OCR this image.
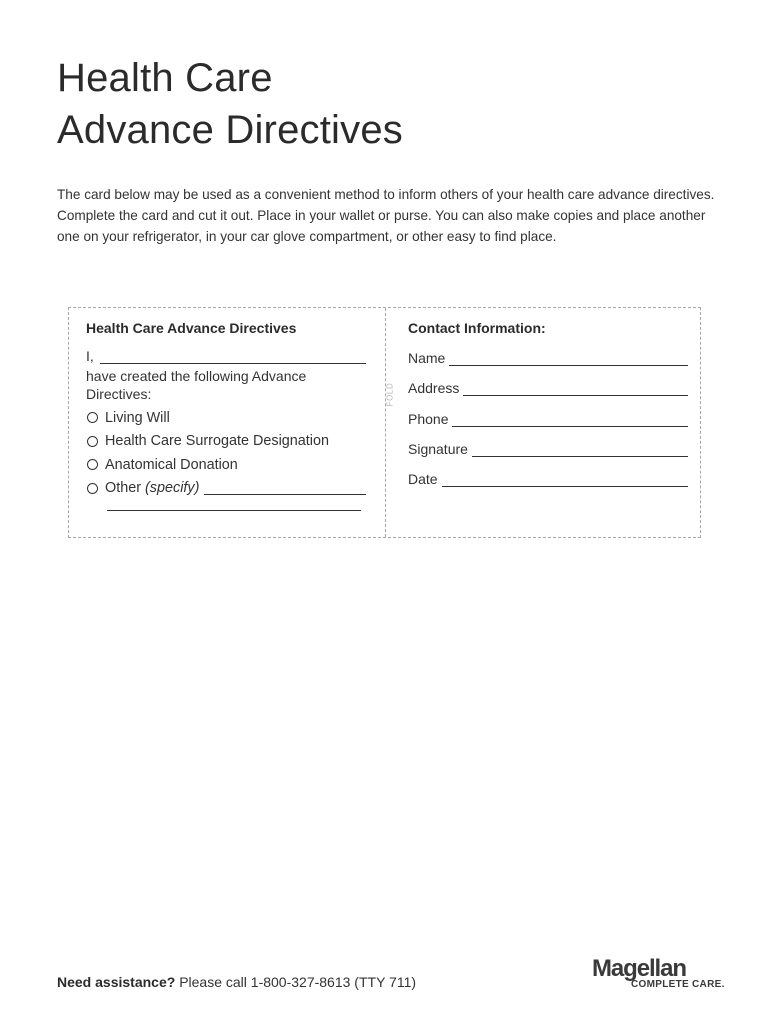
Health Care
Advance Directives

The card below may be used as a convenient method to inform others of your health care advance directives. Complete the card and cut it out. Place in your wallet or purse. You can also make copies and place another one on your refrigerator, in your car glove compartment, or other easy to find place.

FOLD
Health Care Advance Directives
I,
have created the following Advance Directives:
Living Will
Health Care Surrogate Designation
Anatomical Donation
Other (specify)
Contact Information:
Name
Address
Phone
Signature
Date
Need assistance? Please call 1-800-327-8613 (TTY 711)	Magellan
COMPLETE CARE.
